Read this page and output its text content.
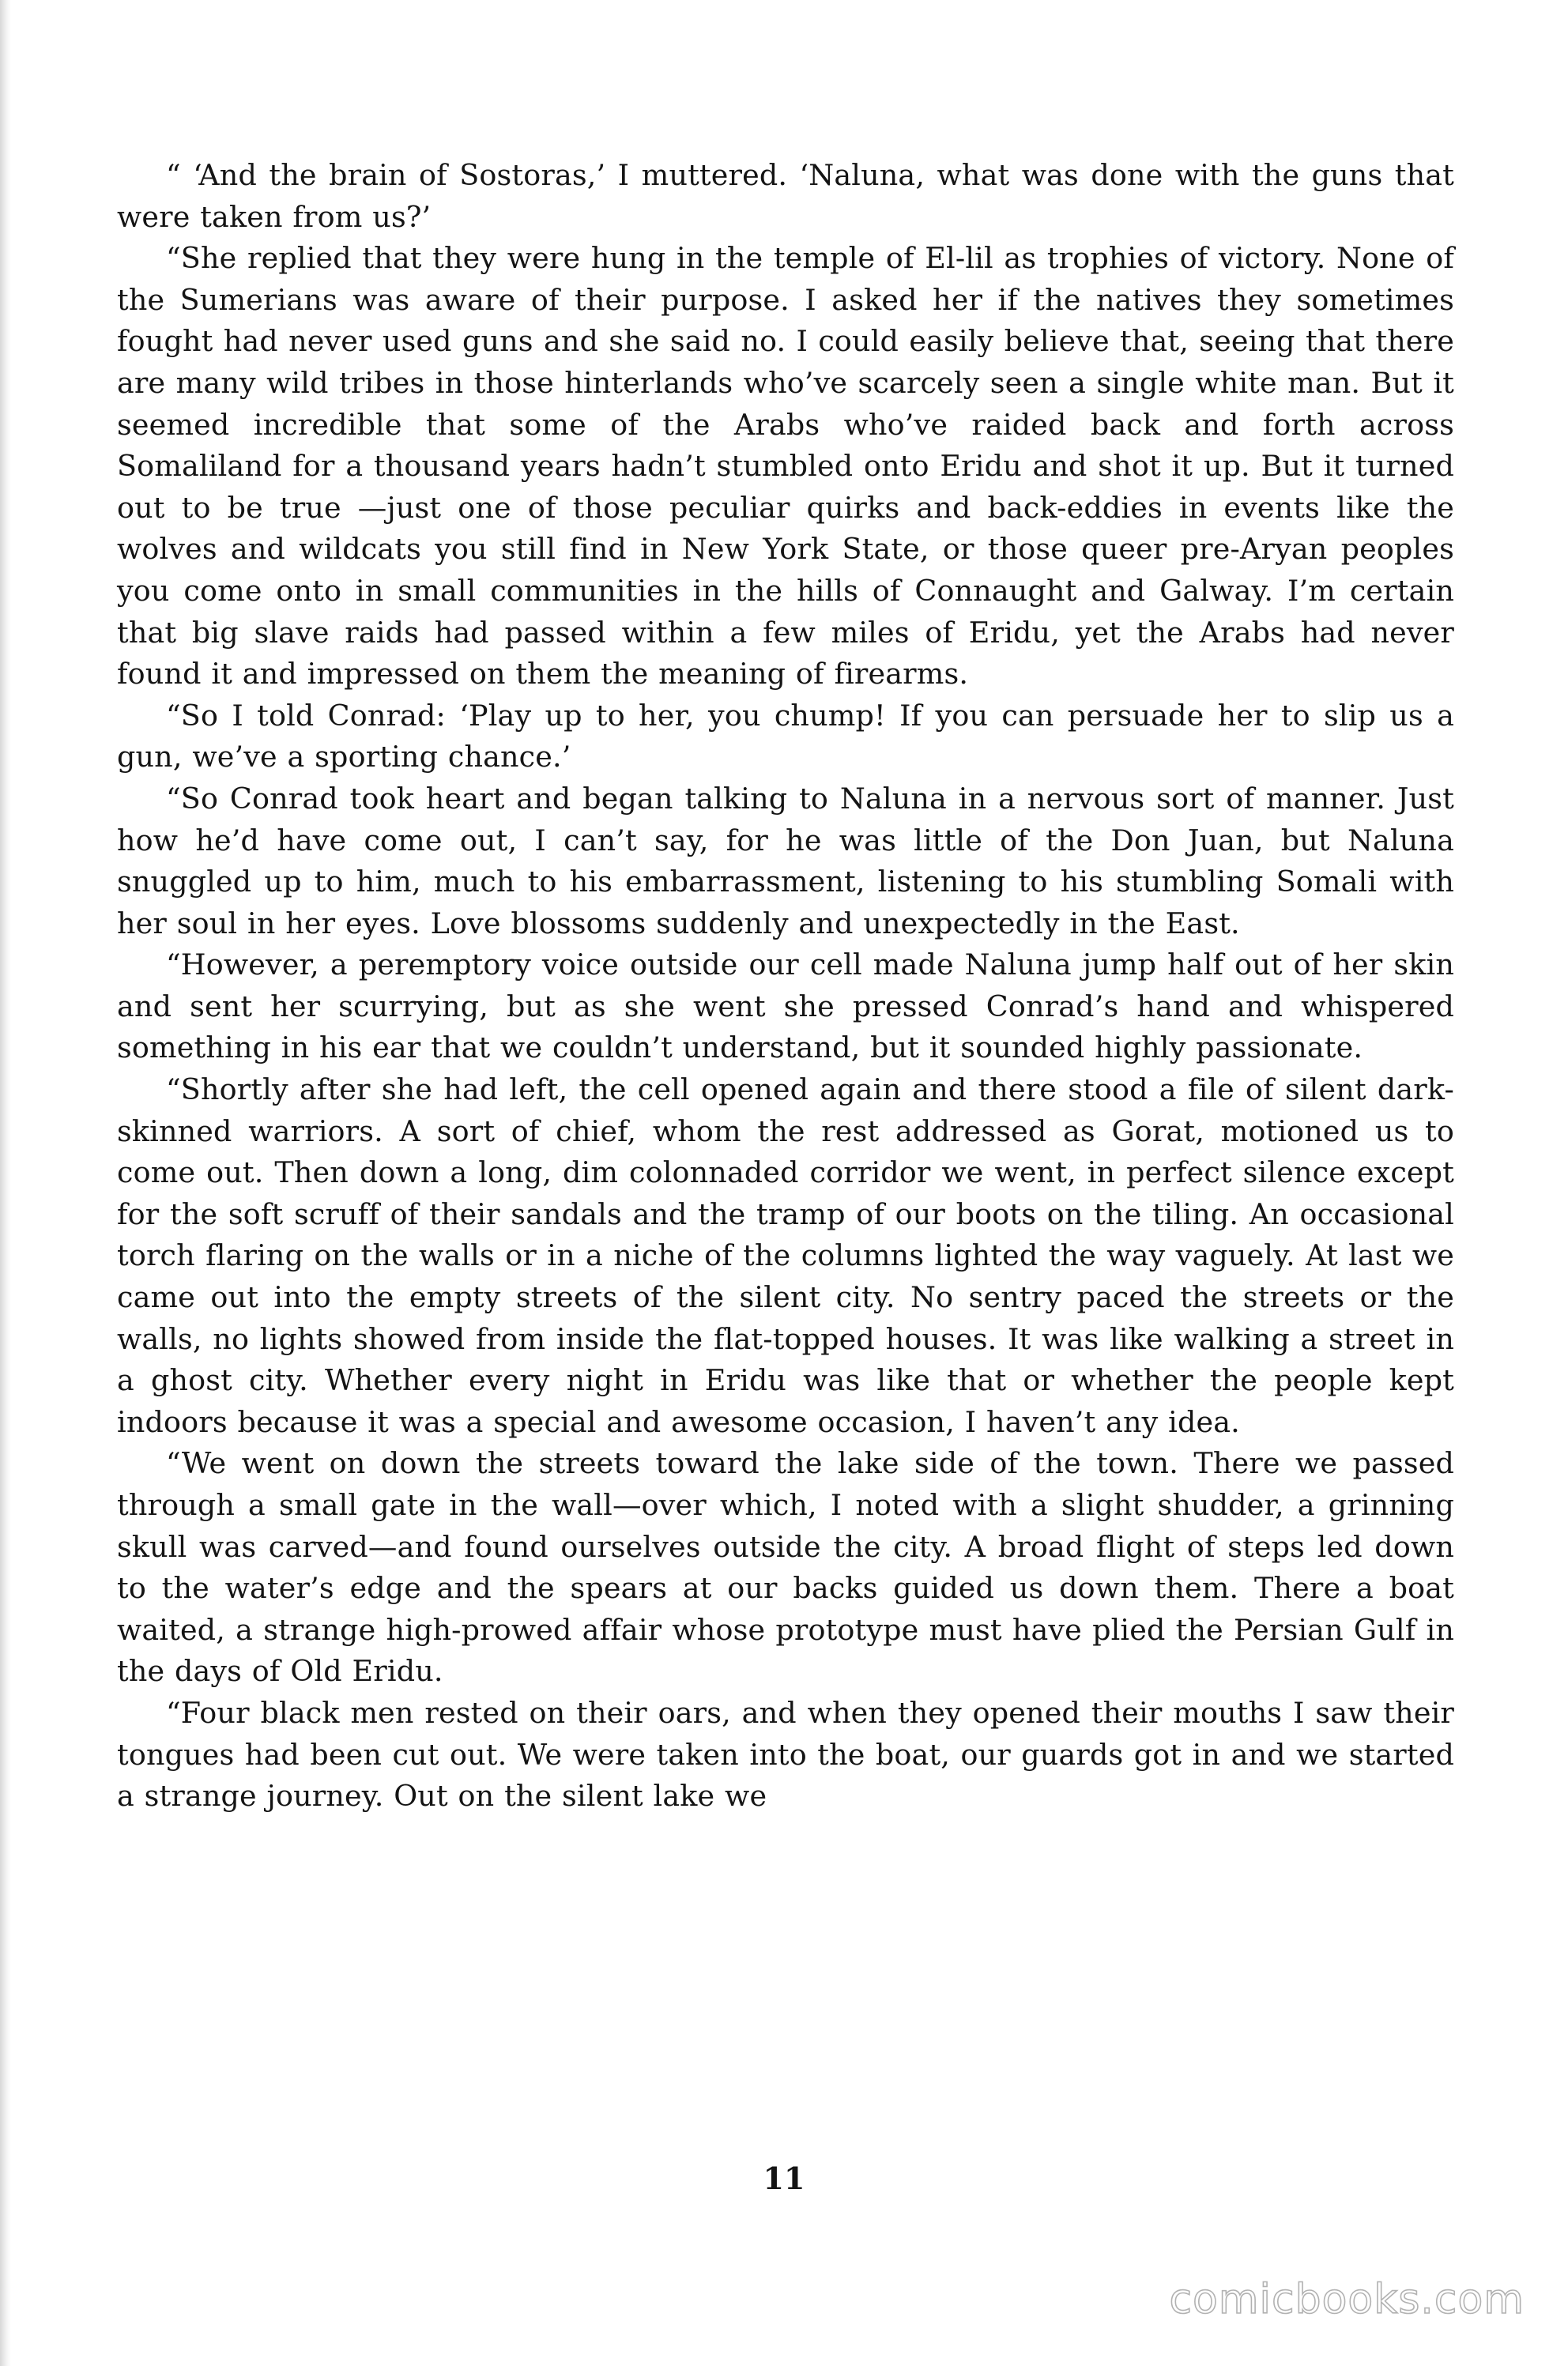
“ ‘And the brain of Sostoras,’ I muttered. ‘Naluna, what was done with the guns that were taken from us?’

“She replied that they were hung in the temple of El-lil as trophies of victory. None of the Sumerians was aware of their purpose. I asked her if the natives they sometimes fought had never used guns and she said no. I could easily believe that, seeing that there are many wild tribes in those hinterlands who’ve scarcely seen a single white man. But it seemed incredible that some of the Arabs who’ve raided back and forth across Somaliland for a thousand years hadn’t stumbled onto Eridu and shot it up. But it turned out to be true —just one of those peculiar quirks and back-eddies in events like the wolves and wildcats you still find in New York State, or those queer pre-Aryan peoples you come onto in small communities in the hills of Connaught and Galway. I’m certain that big slave raids had passed within a few miles of Eridu, yet the Arabs had never found it and impressed on them the meaning of firearms.

“So I told Conrad: ‘Play up to her, you chump! If you can persuade her to slip us a gun, we’ve a sporting chance.’

“So Conrad took heart and began talking to Naluna in a nervous sort of manner. Just how he’d have come out, I can’t say, for he was little of the Don Juan, but Naluna snuggled up to him, much to his embarrassment, listening to his stumbling Somali with her soul in her eyes. Love blossoms suddenly and unexpectedly in the East.

“However, a peremptory voice outside our cell made Naluna jump half out of her skin and sent her scurrying, but as she went she pressed Conrad’s hand and whispered something in his ear that we couldn’t understand, but it sounded highly passionate.

“Shortly after she had left, the cell opened again and there stood a file of silent dark-skinned warriors. A sort of chief, whom the rest addressed as Gorat, motioned us to come out. Then down a long, dim colonnaded corridor we went, in perfect silence except for the soft scruff of their sandals and the tramp of our boots on the tiling. An occasional torch flaring on the walls or in a niche of the columns lighted the way vaguely. At last we came out into the empty streets of the silent city. No sentry paced the streets or the walls, no lights showed from inside the flat-topped houses. It was like walking a street in a ghost city. Whether every night in Eridu was like that or whether the people kept indoors because it was a special and awesome occasion, I haven’t any idea.

“We went on down the streets toward the lake side of the town. There we passed through a small gate in the wall—over which, I noted with a slight shudder, a grinning skull was carved—and found ourselves outside the city. A broad flight of steps led down to the water’s edge and the spears at our backs guided us down them. There a boat waited, a strange high-prowed affair whose prototype must have plied the Persian Gulf in the days of Old Eridu.

“Four black men rested on their oars, and when they opened their mouths I saw their tongues had been cut out. We were taken into the boat, our guards got in and we started a strange journey. Out on the silent lake we

11
comicbooks.com
